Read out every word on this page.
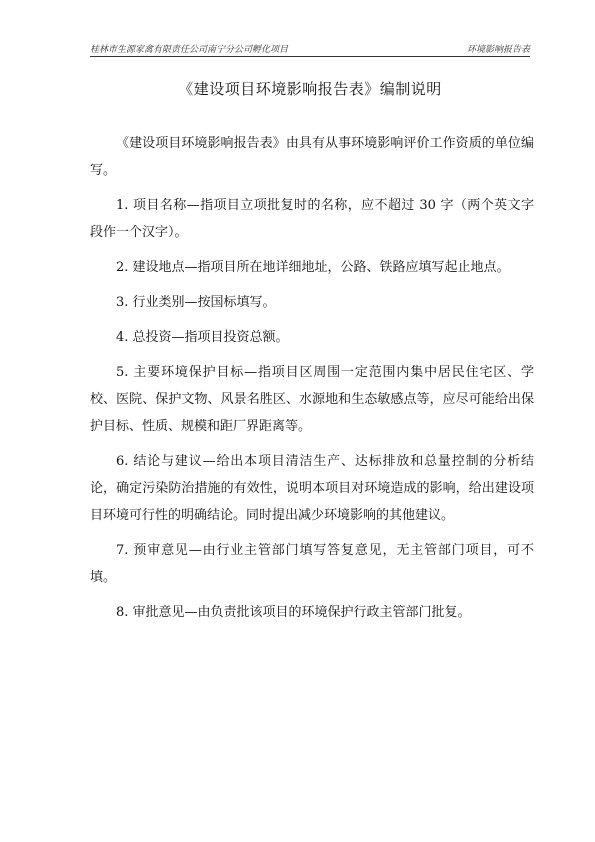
桂林市生源家禽有限责任公司南宁分公司孵化项目	环境影响报告表
《建设项目环境影响报告表》编制说明

《建设项目环境影响报告表》由具有从事环境影响评价工作资质的单位编写。

1. 项目名称—指项目立项批复时的名称，应不超过 30 字（两个英文字段作一个汉字）。

2. 建设地点—指项目所在地详细地址，公路、铁路应填写起止地点。

3. 行业类别—按国标填写。

4. 总投资—指项目投资总额。

5. 主要环境保护目标—指项目区周围一定范围内集中居民住宅区、学校、医院、保护文物、风景名胜区、水源地和生态敏感点等，应尽可能给出保护目标、性质、规模和距厂界距离等。

6. 结论与建议—给出本项目清洁生产、达标排放和总量控制的分析结论，确定污染防治措施的有效性，说明本项目对环境造成的影响，给出建设项目环境可行性的明确结论。同时提出减少环境影响的其他建议。

7. 预审意见—由行业主管部门填写答复意见，无主管部门项目，可不填。

8. 审批意见—由负责批该项目的环境保护行政主管部门批复。
